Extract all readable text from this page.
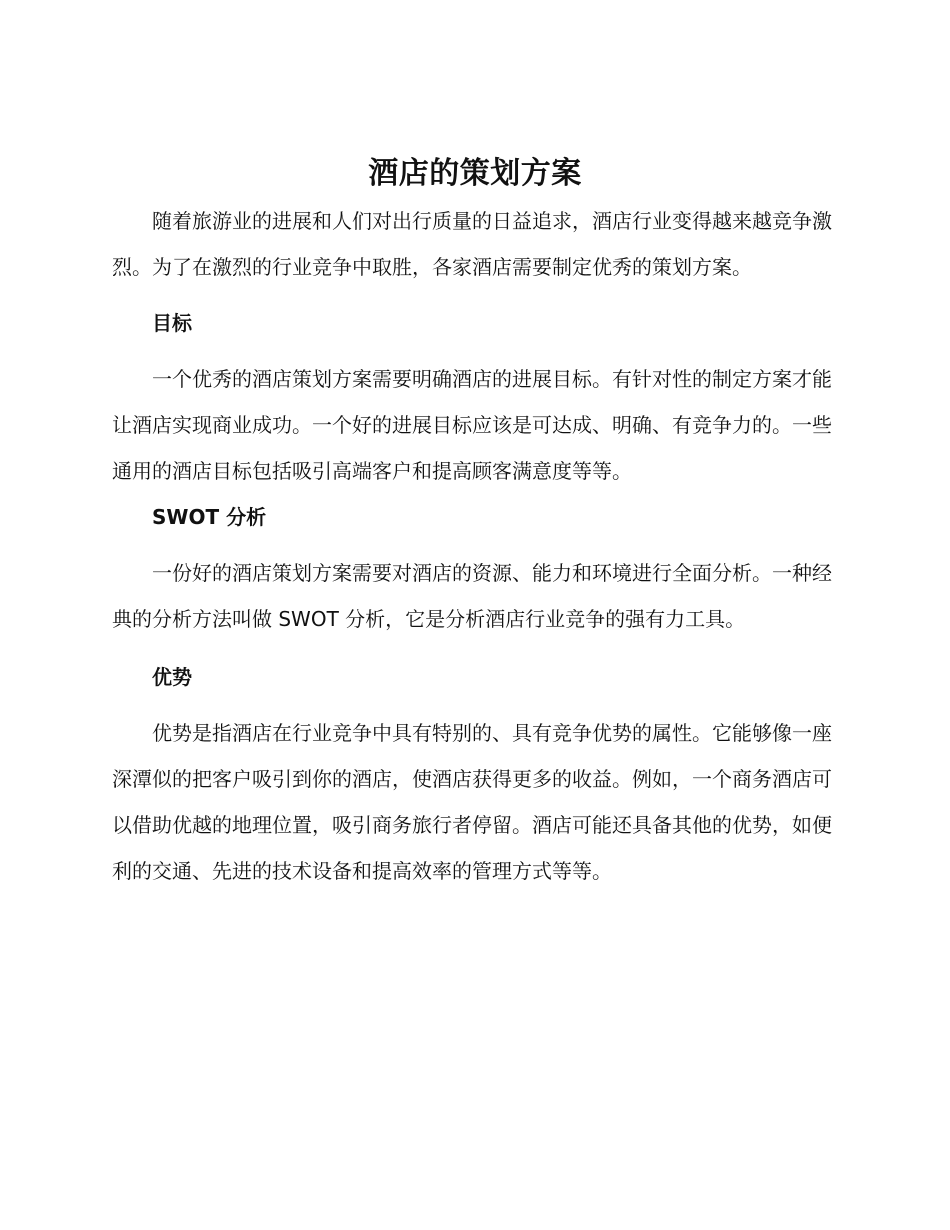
酒店的策划方案

随着旅游业的进展和人们对出行质量的日益追求，酒店行业变得越来越竞争激烈。为了在激烈的行业竞争中取胜，各家酒店需要制定优秀的策划方案。

目标

一个优秀的酒店策划方案需要明确酒店的进展目标。有针对性的制定方案才能让酒店实现商业成功。一个好的进展目标应该是可达成、明确、有竞争力的。一些通用的酒店目标包括吸引高端客户和提高顾客满意度等等。

SWOT 分析

一份好的酒店策划方案需要对酒店的资源、能力和环境进行全面分析。一种经典的分析方法叫做 SWOT 分析，它是分析酒店行业竞争的强有力工具。

优势

优势是指酒店在行业竞争中具有特别的、具有竞争优势的属性。它能够像一座深潭似的把客户吸引到你的酒店，使酒店获得更多的收益。例如，一个商务酒店可以借助优越的地理位置，吸引商务旅行者停留。酒店可能还具备其他的优势，如便利的交通、先进的技术设备和提高效率的管理方式等等。
